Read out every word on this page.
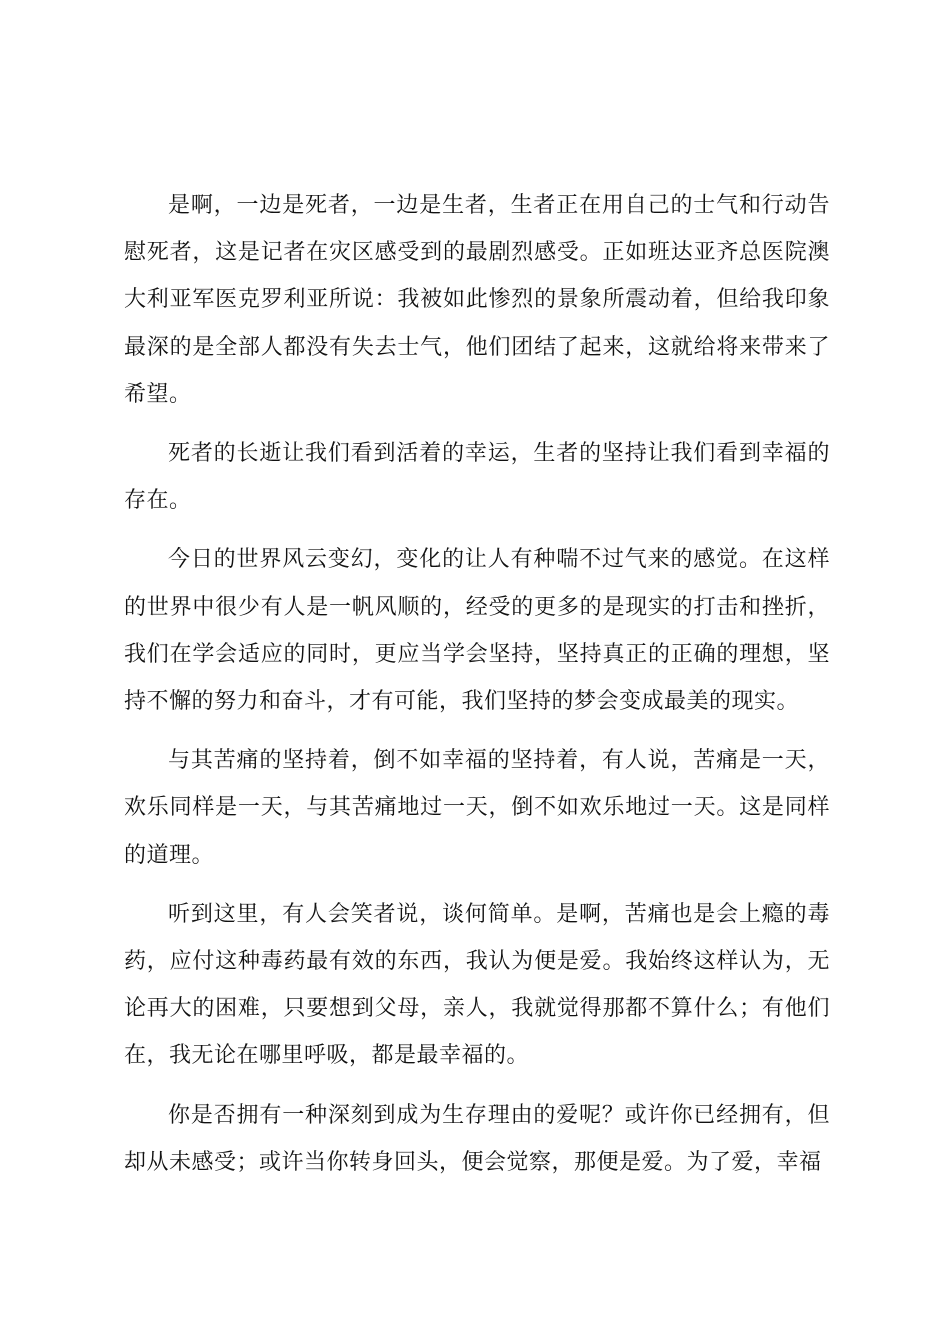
是啊，一边是死者，一边是生者，生者正在用自己的士气和行动告慰死者，这是记者在灾区感受到的最剧烈感受。正如班达亚齐总医院澳大利亚军医克罗利亚所说：我被如此惨烈的景象所震动着，但给我印象最深的是全部人都没有失去士气，他们团结了起来，这就给将来带来了希望。

死者的长逝让我们看到活着的幸运，生者的坚持让我们看到幸福的存在。

今日的世界风云变幻，变化的让人有种喘不过气来的感觉。在这样的世界中很少有人是一帆风顺的，经受的更多的是现实的打击和挫折，我们在学会适应的同时，更应当学会坚持，坚持真正的正确的理想，坚持不懈的努力和奋斗，才有可能，我们坚持的梦会变成最美的现实。

与其苦痛的坚持着，倒不如幸福的坚持着，有人说，苦痛是一天，欢乐同样是一天，与其苦痛地过一天，倒不如欢乐地过一天。这是同样的道理。

听到这里，有人会笑者说，谈何简单。是啊，苦痛也是会上瘾的毒药，应付这种毒药最有效的东西，我认为便是爱。我始终这样认为，无论再大的困难，只要想到父母，亲人，我就觉得那都不算什么；有他们在，我无论在哪里呼吸，都是最幸福的。

你是否拥有一种深刻到成为生存理由的爱呢？或许你已经拥有，但却从未感受；或许当你转身回头，便会觉察，那便是爱。为了爱，幸福
